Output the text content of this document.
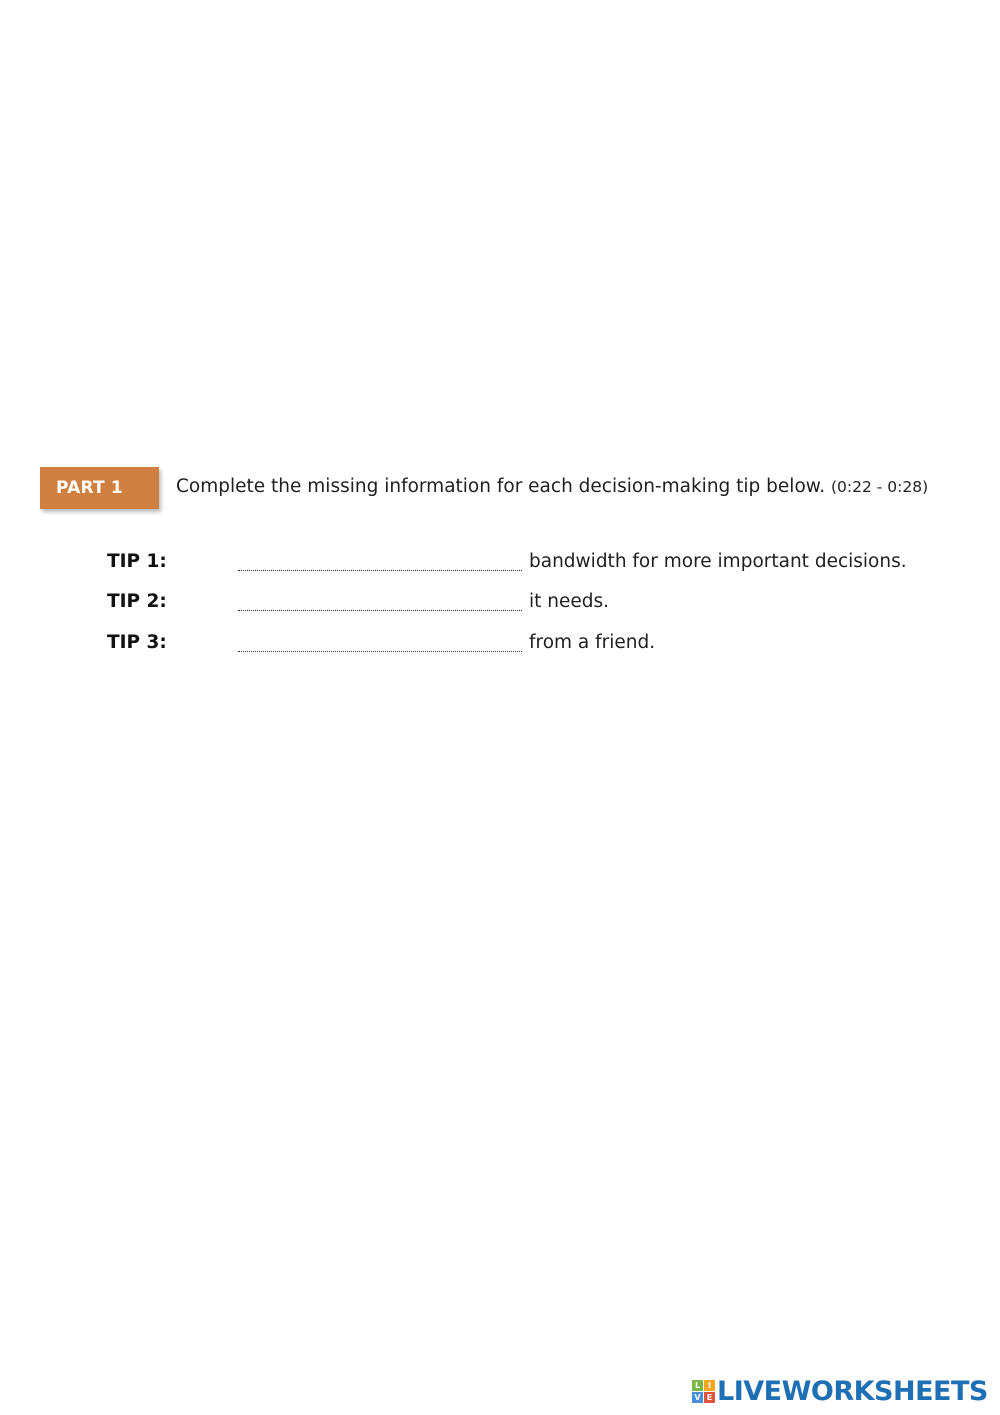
PART 1	Complete the missing information for each decision-making tip below. (0:22 - 0:28)
TIP 1:	bandwidth for more important decisions.
TIP 2:	it needs.
TIP 3:	from a friend.
L I
V E LIVEWORKSHEETS
